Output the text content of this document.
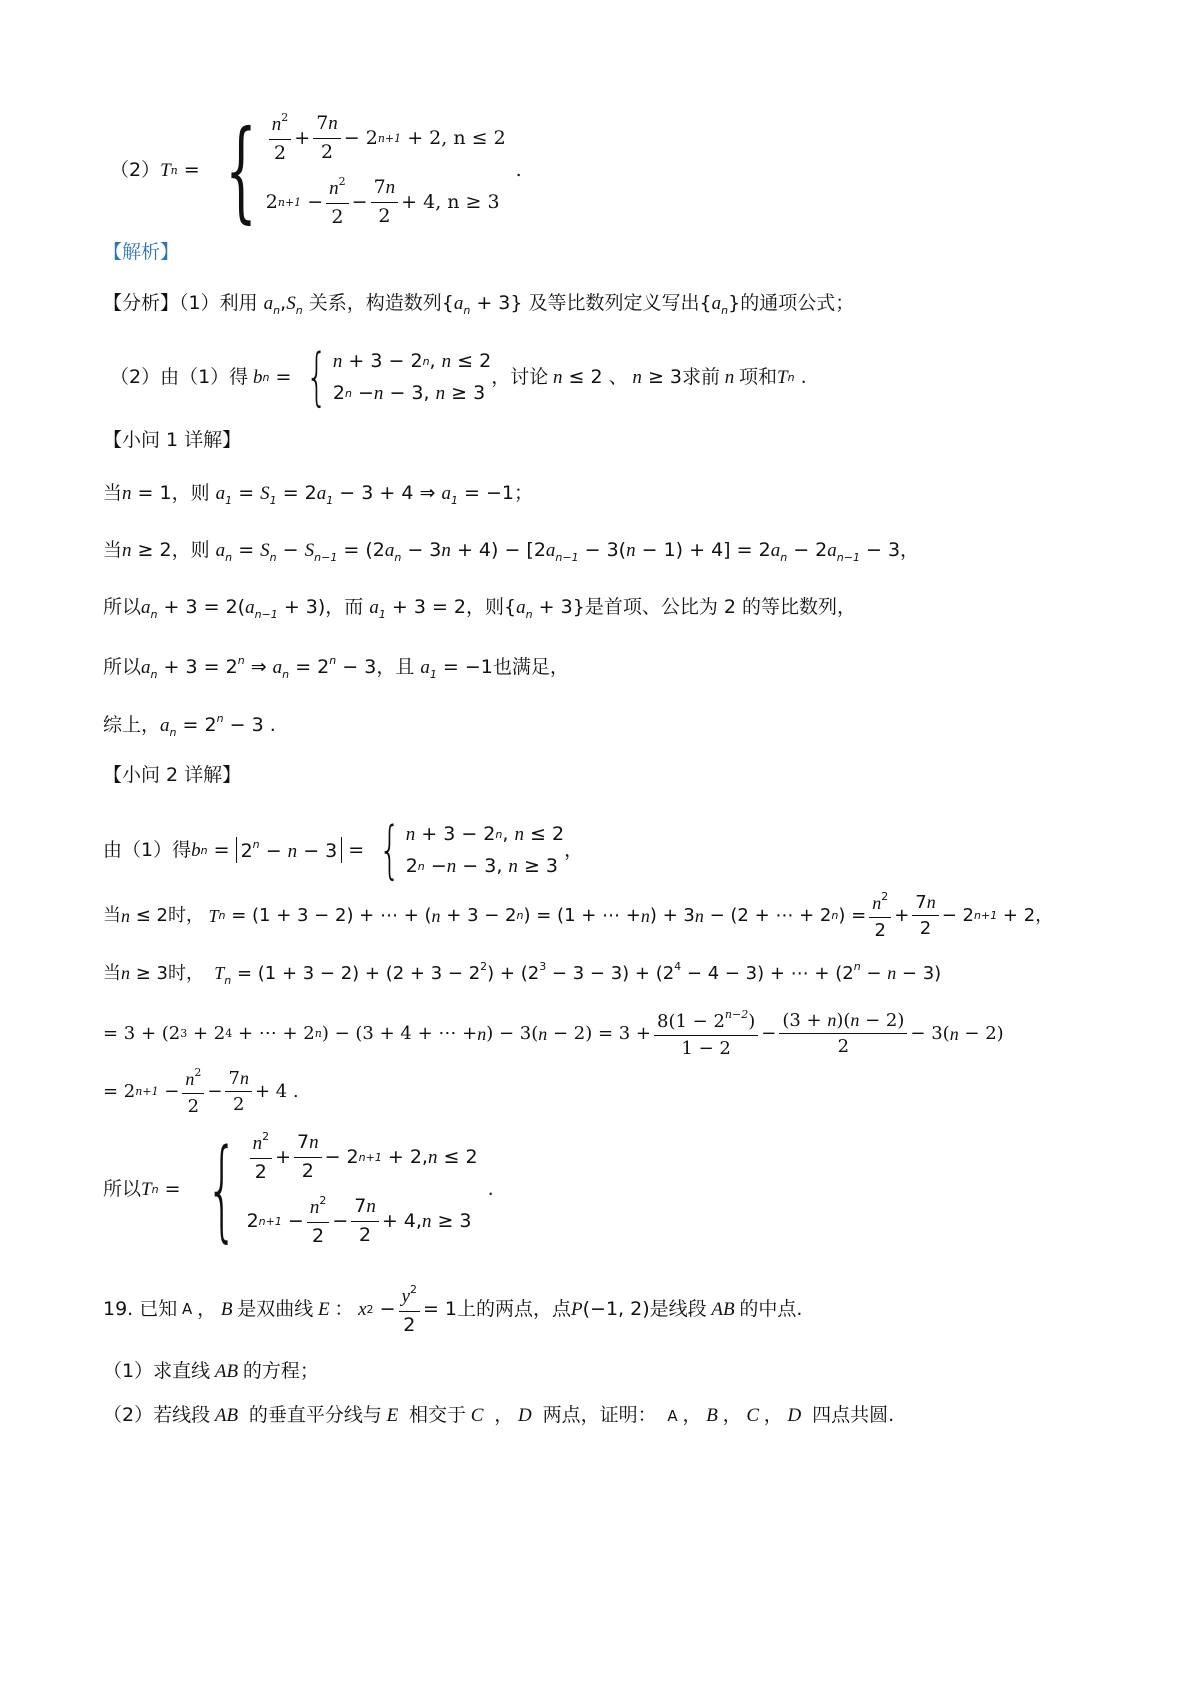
（2） T n = { $\frac{n^2}{2} + \frac{7n}{2} - 2$ n+1
+ 2, n ≤ 2
2 $n+1 - \frac{n^2}{2} - \frac{7n}{2} + 4$, n ≥ 3
.
【解析】
【分析】（1）利用 $a_n,S_n$ 关系，构造数列$\{a_n + 3\}$ 及等比数列定义写出$\{a_n\}$的通项公式；
（2）由（1）得 b n = { n + 3 − 2 n , n ≤ 2
2 n − n − 3, n ≥ 3
，讨论 n ≤ 2 、 n ≥ 3 求前 n 项和 T n
.
【小问 1 详解】
当n = 1，则 $a_1 = S_1 = 2a_1 - 3 + 4$ ⇒ $a_1 = -1$；
当n ≥ 2，则 $a_n = S_n - S_{n-1} = (2a_n - 3n + 4) - [2a_{n-1} - 3(n - 1) + 4] = 2a_n - 2a_{n-1} - 3$，
所以$a_n + 3 = 2(a_{n-1} + 3)$，而 $a_1 + 3 = 2$，则$\{a_n + 3\}$是首项、公比为 2 的等比数列，
所以$a_n + 3 = 2^n$ ⇒ $a_n = 2^n - 3$，且 $a_1 = -1$也满足，
综上，$a_n = 2^n - 3$ .
【小问 2 详解】
由（1）得 b $n = 2^n - n - 3$ = { n + 3 − 2 n , n ≤ 2
2 n − n − 3, n ≥ 3
，
当 n ≤ 2 时， T n = (1 + 3 − 2) + ⋯ + ( n + 3 − 2 n ) = (1 + ⋯ + n ) + 3 n − (2 + ⋯ + 2 n ) = $\frac{n^2}{2} + \frac{7n}{2} - 2$ n+1 + 2 ，
当n ≥ 3时，  $T_n = (1 + 3 - 2) + (2 + 3 - 2^2) + (2^3 - 3 - 3) + (2^4 - 4 - 3)$ + ⋯ + $(2^n - n - 3)$
= 3 + (2 3 + 2 4 + ⋯ + 2 n ) − (3 + 4 + ⋯ + n ) − 3( $n - 2) = 3 + \frac{8(1 - 2^{n-2})}{1 - 2} - \frac{(3 + n)(n - 2)}{2} - 3$( n − 2)
= 2 $n+1 - \frac{n^2}{2} - \frac{7n}{2} + 4$ .
所以 T n = { $\frac{n^2}{2} + \frac{7n}{2} - 2$ n+1 + 2, n ≤ 2
2 $n+1 - \frac{n^2}{2} - \frac{7n}{2} + 4$, n ≥ 3
.
19.
已知 A ， B 是双曲线 E ： x $2 - \frac{y^2}{2} = 1$ 上的两点，点 P (−1, 2) 是线段 AB 的中点.
（1）求直线 AB 的方程；
（2）若线段 AB  的垂直平分线与 E  相交于 C  ， D  两点，证明：  A ， B ， C ， D  四点共圆.
